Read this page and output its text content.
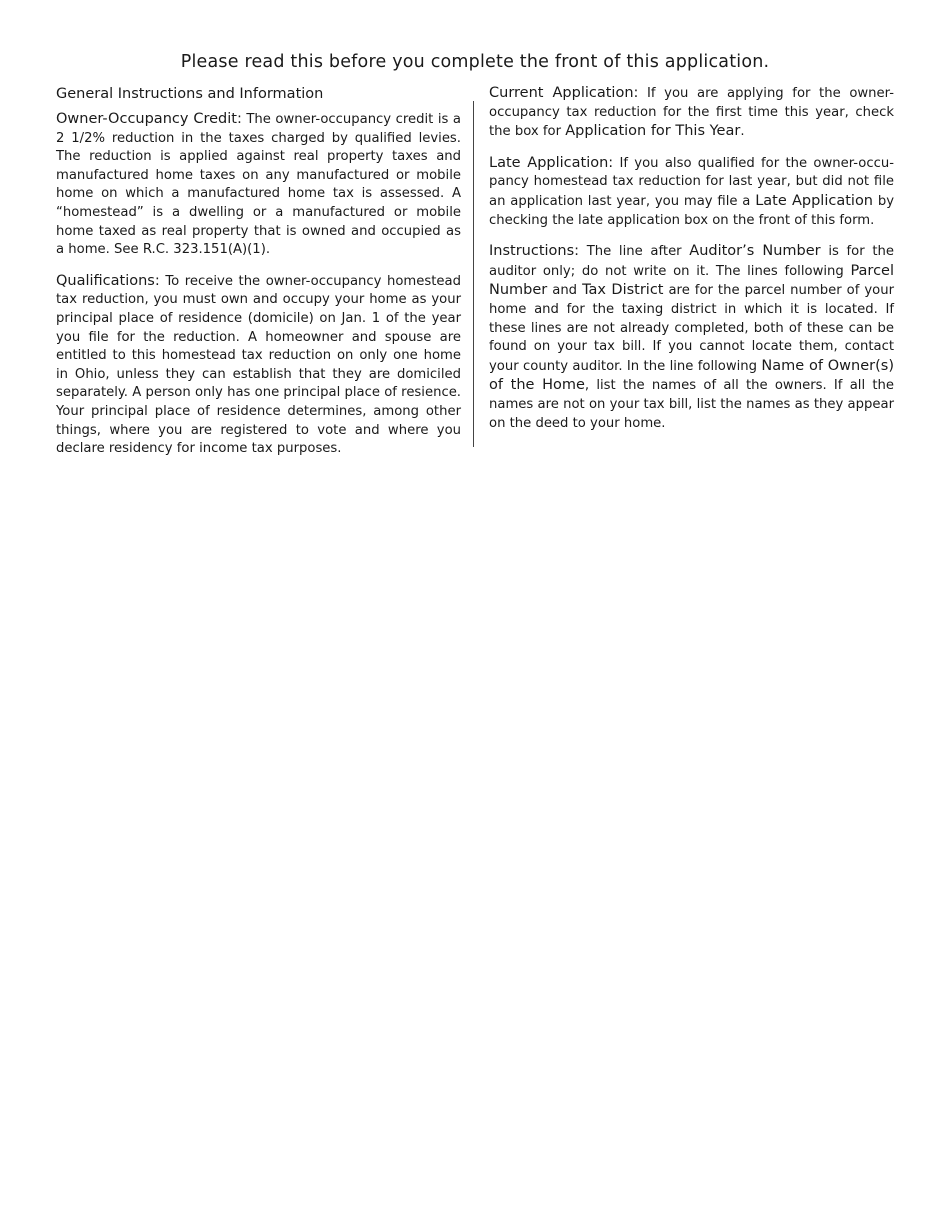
Please read this before you complete the front of this application.
General Instructions and Information

Owner-Occupancy Credit: The owner-occupancy credit is a 2 1/2% reduction in the taxes charged by qualified levies. The reduction is applied against real property taxes and manufactured home taxes on any manufactured or mobile home on which a manufactured home tax is assessed. A “homestead” is a dwelling or a manufactured or mobile home taxed as real property that is owned and occupied as a home. See R.C. 323.151(A)(1).

Qualifications: To receive the owner-occupancy homestead tax reduction, you must own and occupy your home as your principal place of residence (domicile) on Jan. 1 of the year you file for the reduction. A homeowner and spouse are entitled to this homestead tax reduction on only one home in Ohio, unless they can establish that they are domiciled separately. A person only has one principal place of resience. Your principal place of residence determines, among other things, where you are registered to vote and where you declare residency for income tax purposes.

Current Application: If you are applying for the owner-occupancy tax reduction for the first time this year, check the box for Application for This Year.

Late Application: If you also qualified for the owner-occupancy homestead tax reduction for last year, but did not file an application last year, you may file a Late Application by checking the late application box on the front of this form.

Instructions: The line after Auditor’s Number is for the auditor only; do not write on it. The lines following Parcel Number and Tax District are for the parcel number of your home and for the taxing district in which it is located. If these lines are not already completed, both of these can be found on your tax bill. If you cannot locate them, contact your county auditor. In the line following Name of Owner(s) of the Home, list the names of all the owners. If all the names are not on your tax bill, list the names as they appear on the deed to your home.
